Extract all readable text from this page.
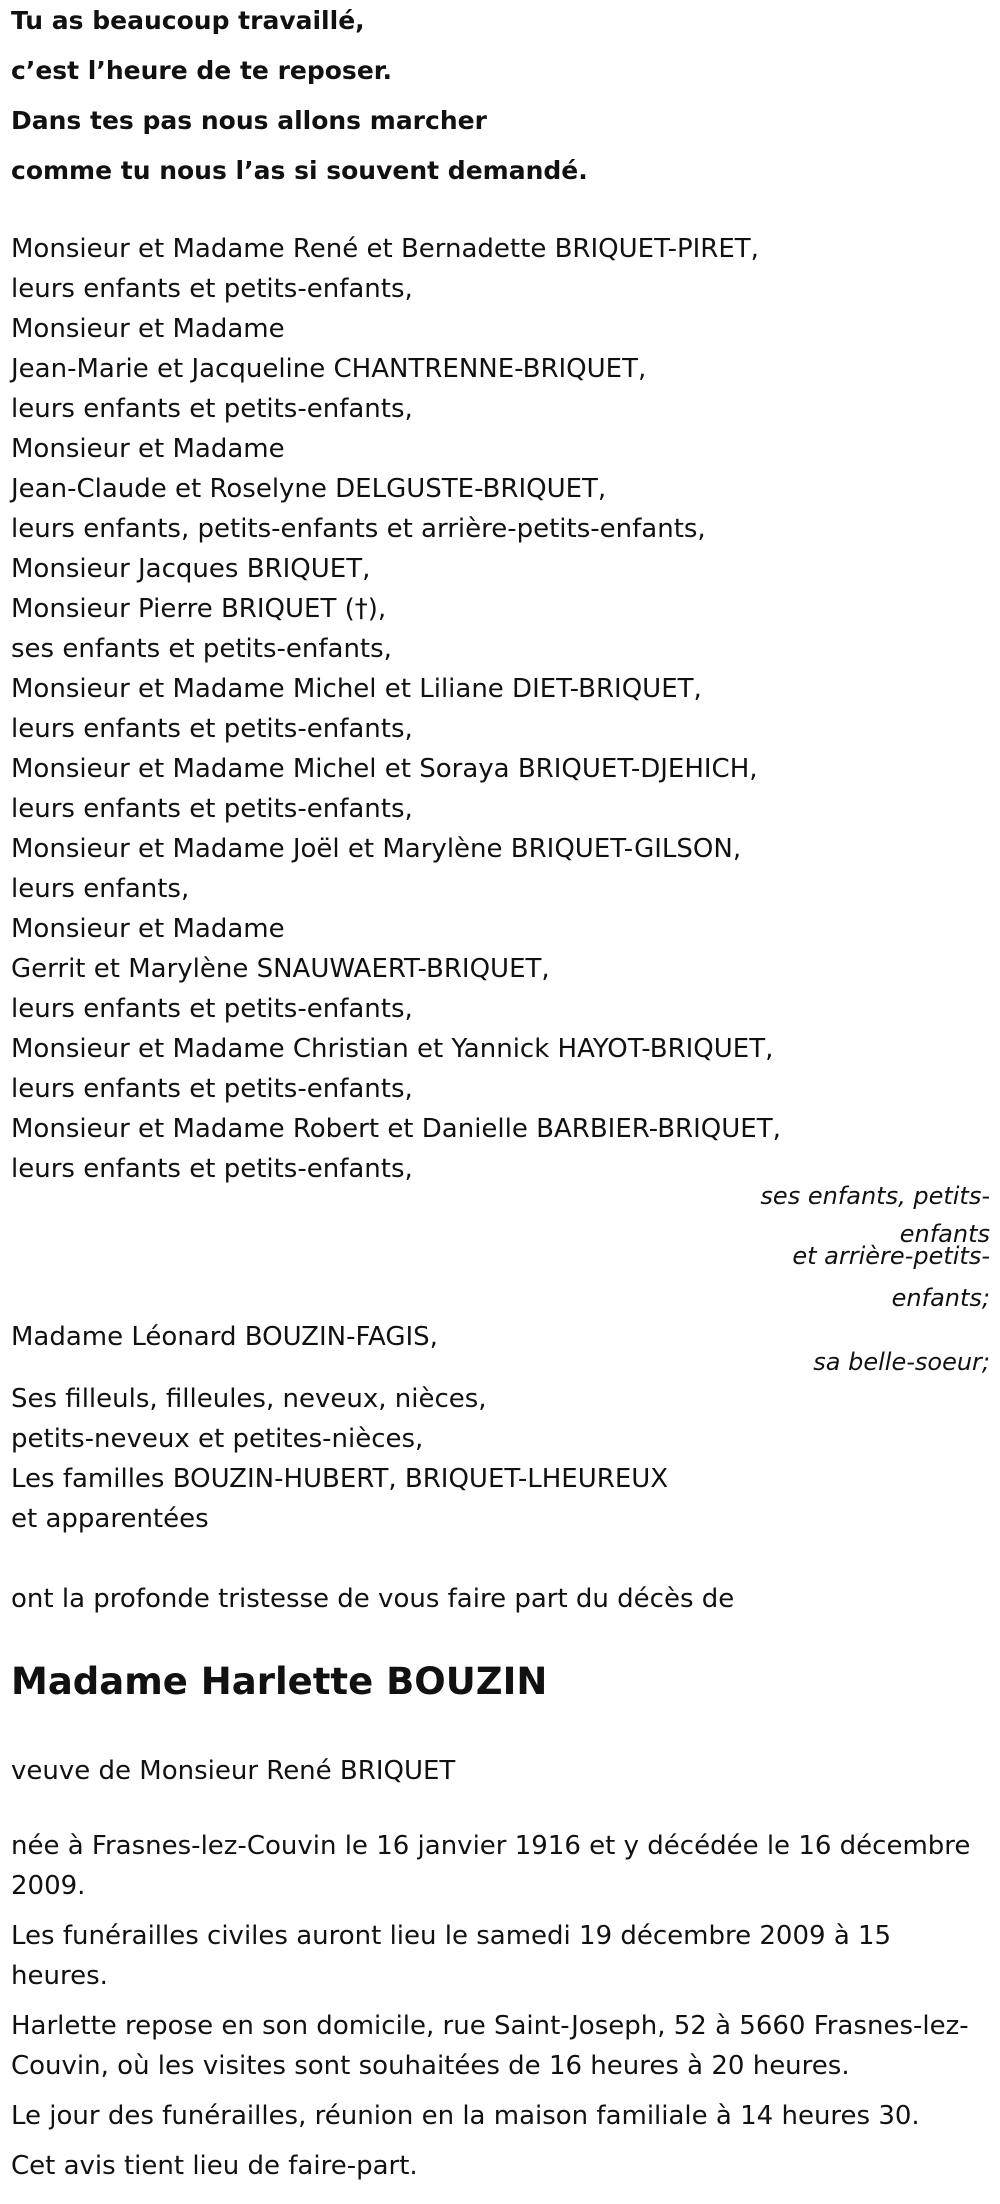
Tu as beaucoup travaillé,
c’est l’heure de te reposer.
Dans tes pas nous allons marcher
comme tu nous l’as si souvent demandé.
Monsieur et Madame René et Bernadette BRIQUET-PIRET,
leurs enfants et petits-enfants,
Monsieur et Madame
Jean-Marie et Jacqueline CHANTRENNE-BRIQUET,
leurs enfants et petits-enfants,
Monsieur et Madame
Jean-Claude et Roselyne DELGUSTE-BRIQUET,
leurs enfants, petits-enfants et arrière-petits-enfants,
Monsieur Jacques BRIQUET,
Monsieur Pierre BRIQUET (†),
ses enfants et petits-enfants,
Monsieur et Madame Michel et Liliane DIET-BRIQUET,
leurs enfants et petits-enfants,
Monsieur et Madame Michel et Soraya BRIQUET-DJEHICH,
leurs enfants et petits-enfants,
Monsieur et Madame Joël et Marylène BRIQUET-GILSON,
leurs enfants,
Monsieur et Madame
Gerrit et Marylène SNAUWAERT-BRIQUET,
leurs enfants et petits-enfants,
Monsieur et Madame Christian et Yannick HAYOT-BRIQUET,
leurs enfants et petits-enfants,
Monsieur et Madame Robert et Danielle BARBIER-BRIQUET,
leurs enfants et petits-enfants,
ses enfants, petits-
enfants
et arrière-petits-
enfants;
Madame Léonard BOUZIN-FAGIS,
sa belle-soeur;
Ses filleuls, filleules, neveux, nièces,
petits-neveux et petites-nièces,
Les familles BOUZIN-HUBERT, BRIQUET-LHEUREUX
et apparentées
ont la profonde tristesse de vous faire part du décès de
Madame Harlette BOUZIN
veuve de Monsieur René BRIQUET
née à Frasnes-lez-Couvin le 16 janvier 1916 et y décédée le 16 décembre 2009.
Les funérailles civiles auront lieu le samedi 19 décembre 2009 à 15 heures.
Harlette repose en son domicile, rue Saint-Joseph, 52 à 5660 Frasnes-lez-Couvin, où les visites sont souhaitées de 16 heures à 20 heures.
Le jour des funérailles, réunion en la maison familiale à 14 heures 30.
Cet avis tient lieu de faire-part.
